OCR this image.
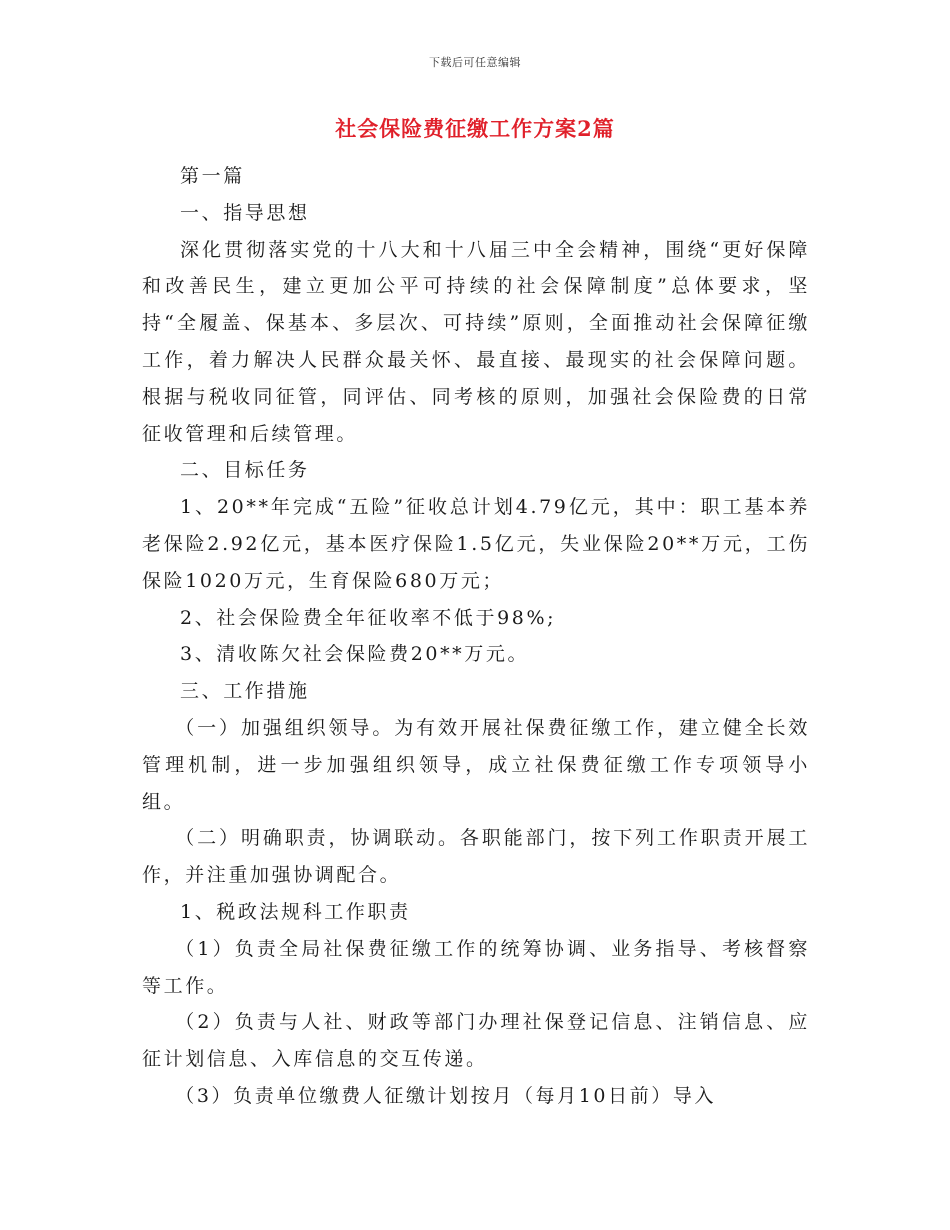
下载后可任意编辑
社会保险费征缴工作方案2篇

第一篇

一、指导思想

深化贯彻落实党的十八大和十八届三中全会精神，围绕“更好保障和改善民生，建立更加公平可持续的社会保障制度”总体要求，坚持“全履盖、保基本、多层次、可持续”原则，全面推动社会保障征缴工作，着力解决人民群众最关怀、最直接、最现实的社会保障问题。根据与税收同征管，同评估、同考核的原则，加强社会保险费的日常征收管理和后续管理。

二、目标任务

1、20**年完成“五险”征收总计划4.79亿元，其中：职工基本养老保险2.92亿元，基本医疗保险1.5亿元，失业保险20**万元，工伤保险1020万元，生育保险680万元；

2、社会保险费全年征收率不低于98%;

3、清收陈欠社会保险费20**万元。

三、工作措施

（一）加强组织领导。为有效开展社保费征缴工作，建立健全长效管理机制，进一步加强组织领导，成立社保费征缴工作专项领导小组。

（二）明确职责，协调联动。各职能部门，按下列工作职责开展工作，并注重加强协调配合。

1、税政法规科工作职责

（1）负责全局社保费征缴工作的统筹协调、业务指导、考核督察等工作。

（2）负责与人社、财政等部门办理社保登记信息、注销信息、应征计划信息、入库信息的交互传递。

（3）负责单位缴费人征缴计划按月（每月10日前）导入
